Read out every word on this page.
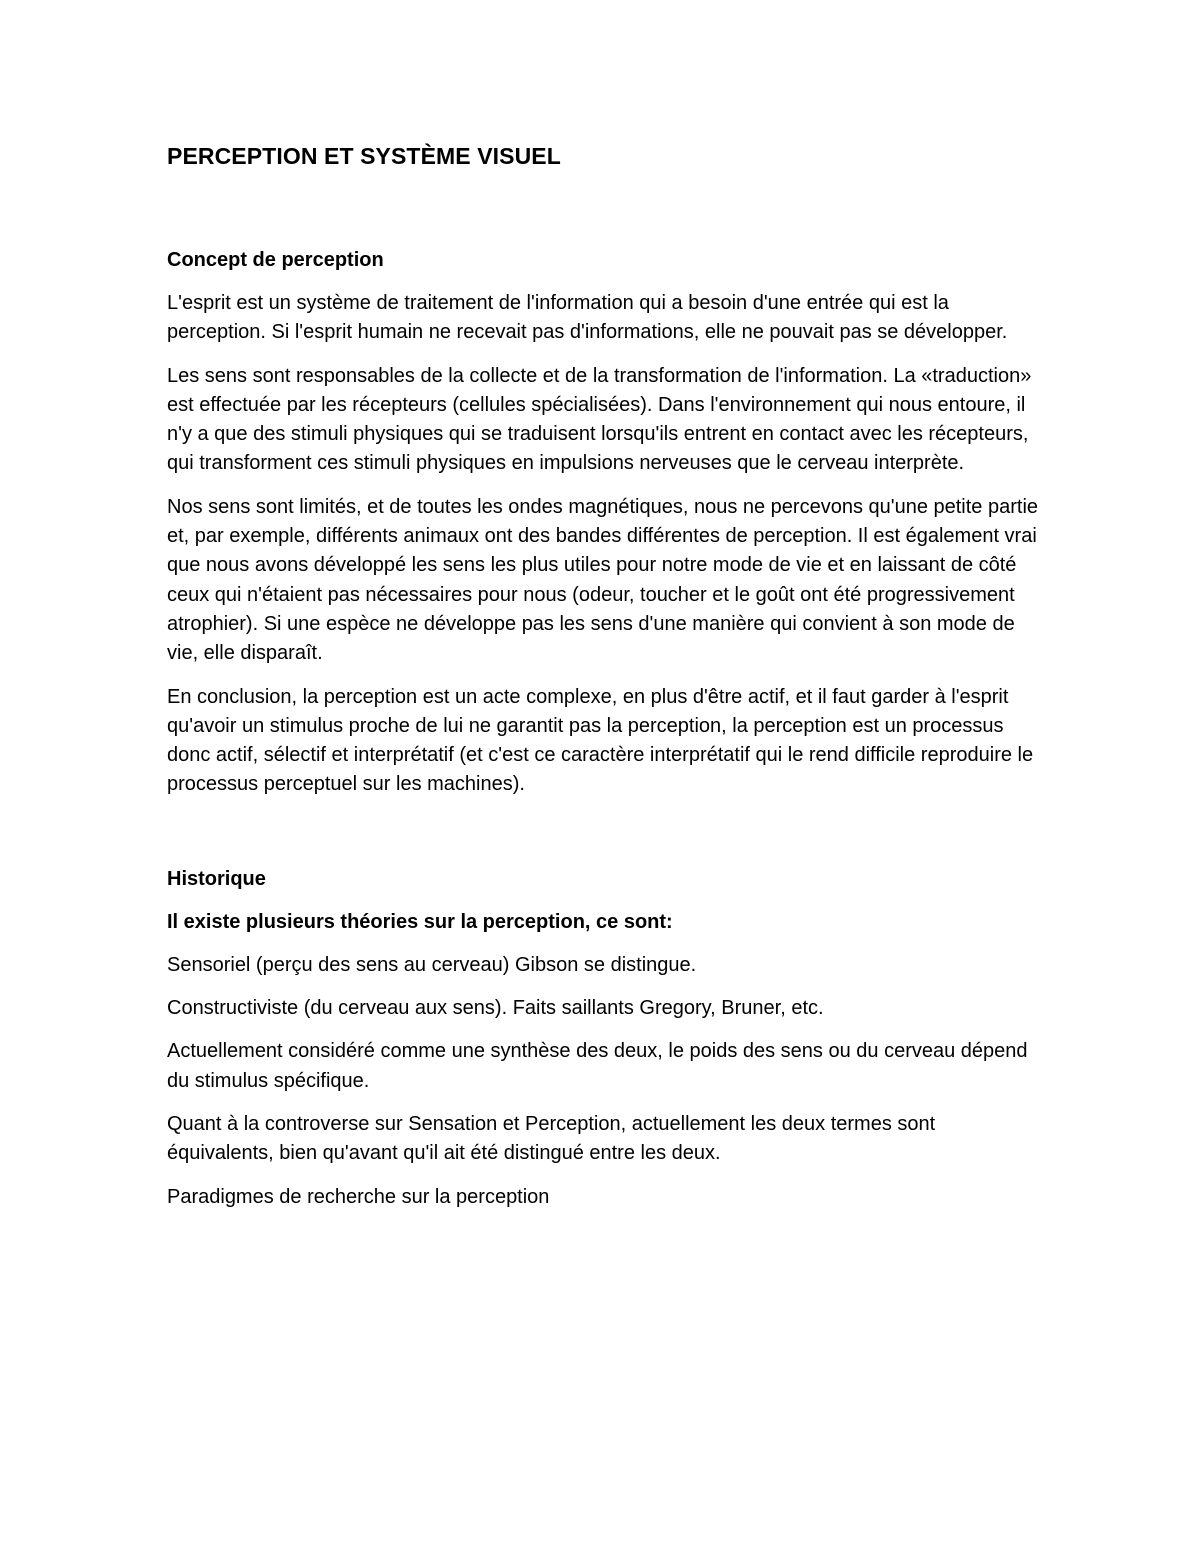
PERCEPTION ET SYSTÈME VISUEL
Concept de perception

L'esprit est un système de traitement de l'information qui a besoin d'une entrée qui est la perception. Si l'esprit humain ne recevait pas d'informations, elle ne pouvait pas se développer.

Les sens sont responsables de la collecte et de la transformation de l'information. La «traduction» est effectuée par les récepteurs (cellules spécialisées). Dans l'environnement qui nous entoure, il n'y a que des stimuli physiques qui se traduisent lorsqu'ils entrent en contact avec les récepteurs, qui transforment ces stimuli physiques en impulsions nerveuses que le cerveau interprète.

Nos sens sont limités, et de toutes les ondes magnétiques, nous ne percevons qu'une petite partie et, par exemple, différents animaux ont des bandes différentes de perception. Il est également vrai que nous avons développé les sens les plus utiles pour notre mode de vie et en laissant de côté ceux qui n'étaient pas nécessaires pour nous (odeur, toucher et le goût ont été progressivement atrophier). Si une espèce ne développe pas les sens d'une manière qui convient à son mode de vie, elle disparaît.

En conclusion, la perception est un acte complexe, en plus d'être actif, et il faut garder à l'esprit qu'avoir un stimulus proche de lui ne garantit pas la perception, la perception est un processus donc actif, sélectif et interprétatif (et c'est ce caractère interprétatif qui le rend difficile reproduire le processus perceptuel sur les machines).

Historique
Il existe plusieurs théories sur la perception, ce sont:

Sensoriel (perçu des sens au cerveau) Gibson se distingue.

Constructiviste (du cerveau aux sens). Faits saillants Gregory, Bruner, etc.

Actuellement considéré comme une synthèse des deux, le poids des sens ou du cerveau dépend du stimulus spécifique.

Quant à la controverse sur Sensation et Perception, actuellement les deux termes sont équivalents, bien qu'avant qu'il ait été distingué entre les deux.

Paradigmes de recherche sur la perception
